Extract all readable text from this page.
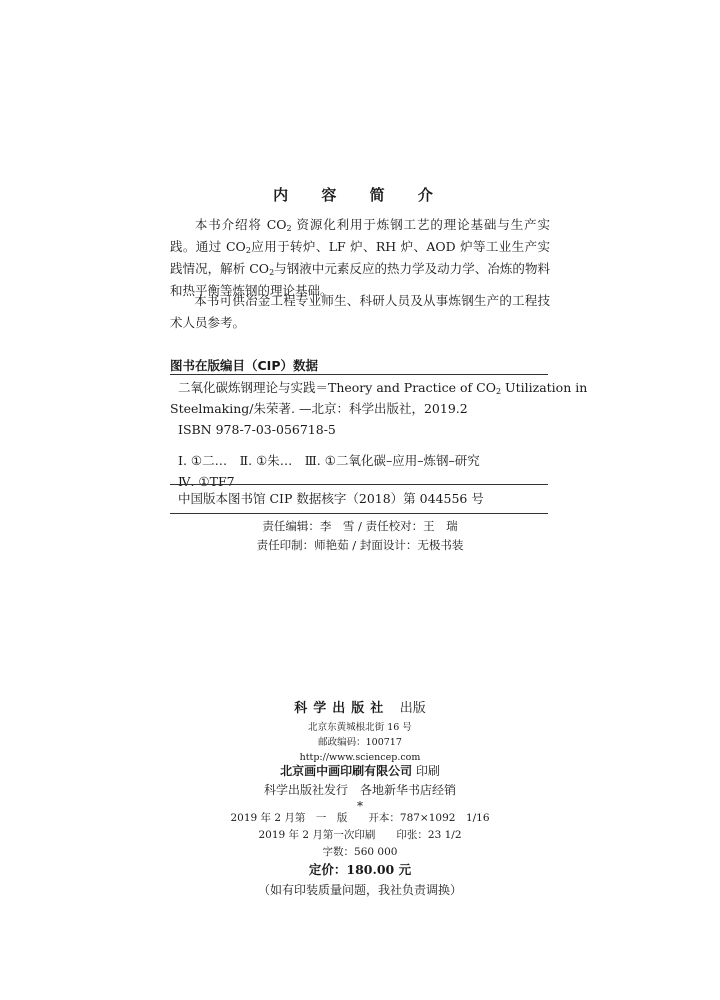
内 容 简 介
本书介绍将 $CO_2$ 资源化利用于炼钢工艺的理论基础与生产实践。通过 $CO_2$应用于转炉、LF 炉、RH 炉、AOD 炉等工业生产实践情况，解析 $CO_2$与钢液中元素反应的热力学及动力学、冶炼的物料和热平衡等炼钢的理论基础。
本书可供冶金工程专业师生、科研人员及从事炼钢生产的工程技术人员参考。
图书在版编目（CIP）数据
二氧化碳炼钢理论与实践＝Theory and Practice of $CO_2$ Utilization in
Steelmaking/朱荣著. —北京：科学出版社，2019.2
ISBN 978-7-03-056718-5
Ⅰ. ①二…　Ⅱ. ①朱…　Ⅲ. ①二氧化碳–应用–炼钢–研究
Ⅳ. ①TF7
中国版本图书馆 CIP 数据核字（2018）第 044556 号
责任编辑：李　雪 / 责任校对：王　瑞
责任印制：师艳茹 / 封面设计：无极书装
科学出版社 出版
北京东黄城根北街 16 号
邮政编码：100717
http://www.sciencep.com
北京画中画印刷有限公司 印刷
科学出版社发行　各地新华书店经销
*
2019 年 2 月第　一　版　　开本：787×1092　1/16
2019 年 2 月第一次印刷　　印张：23 1/2
字数：560 000
定价：180.00 元
（如有印装质量问题，我社负责调换）
